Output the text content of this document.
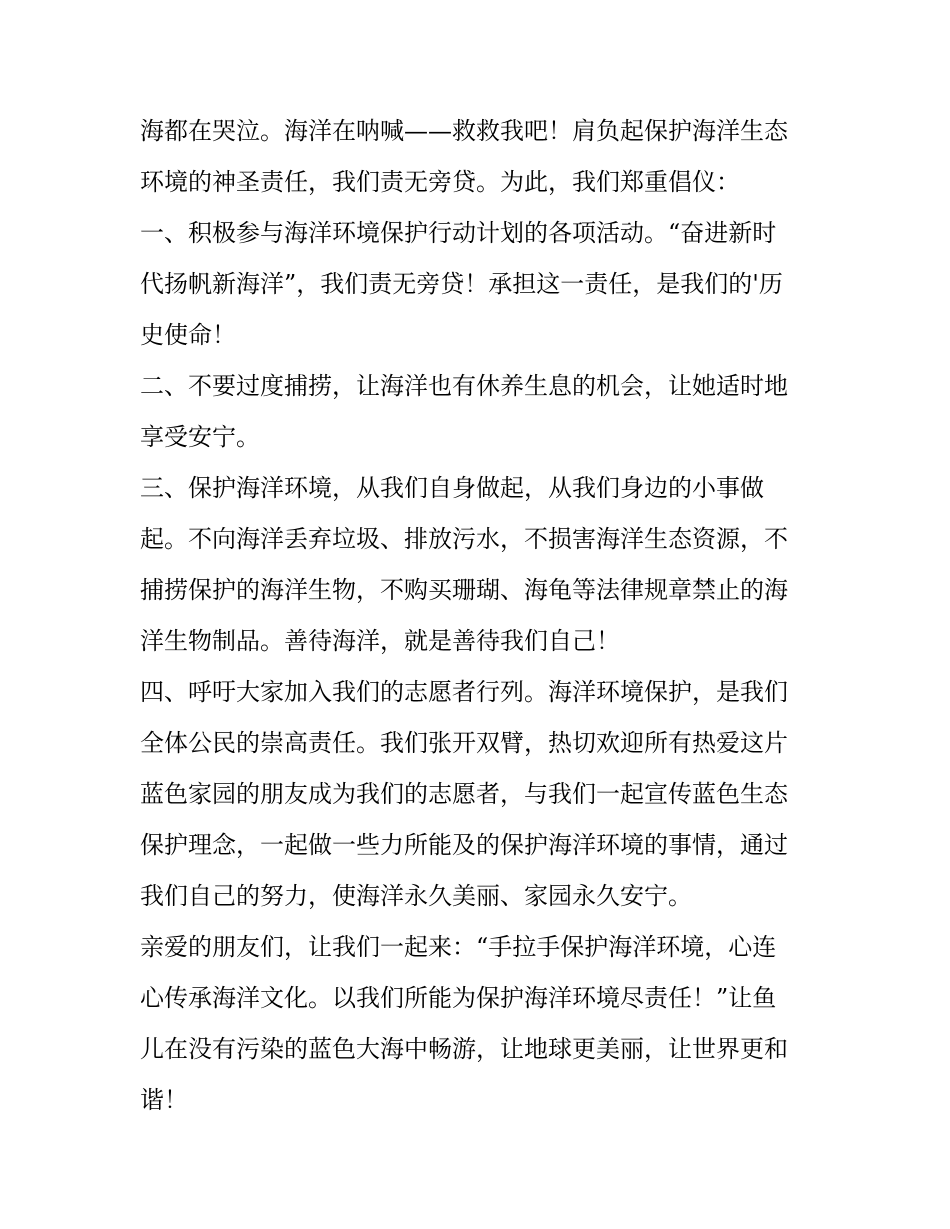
海都在哭泣。海洋在呐喊——救救我吧！肩负起保护海洋生态
环境的神圣责任，我们责无旁贷。为此，我们郑重倡仪：
一、积极参与海洋环境保护行动计划的各项活动。“奋进新时
代扬帆新海洋”，我们责无旁贷！承担这一责任，是我们的'历
史使命！
二、不要过度捕捞，让海洋也有休养生息的机会，让她适时地
享受安宁。
三、保护海洋环境，从我们自身做起，从我们身边的小事做
起。不向海洋丢弃垃圾、排放污水，不损害海洋生态资源，不
捕捞保护的海洋生物，不购买珊瑚、海龟等法律规章禁止的海
洋生物制品。善待海洋，就是善待我们自己！
四、呼吁大家加入我们的志愿者行列。海洋环境保护，是我们
全体公民的崇高责任。我们张开双臂，热切欢迎所有热爱这片
蓝色家园的朋友成为我们的志愿者，与我们一起宣传蓝色生态
保护理念，一起做一些力所能及的保护海洋环境的事情，通过
我们自己的努力，使海洋永久美丽、家园永久安宁。
亲爱的朋友们，让我们一起来：“手拉手保护海洋环境，心连
心传承海洋文化。以我们所能为保护海洋环境尽责任！”让鱼
儿在没有污染的蓝色大海中畅游，让地球更美丽，让世界更和
谐！
